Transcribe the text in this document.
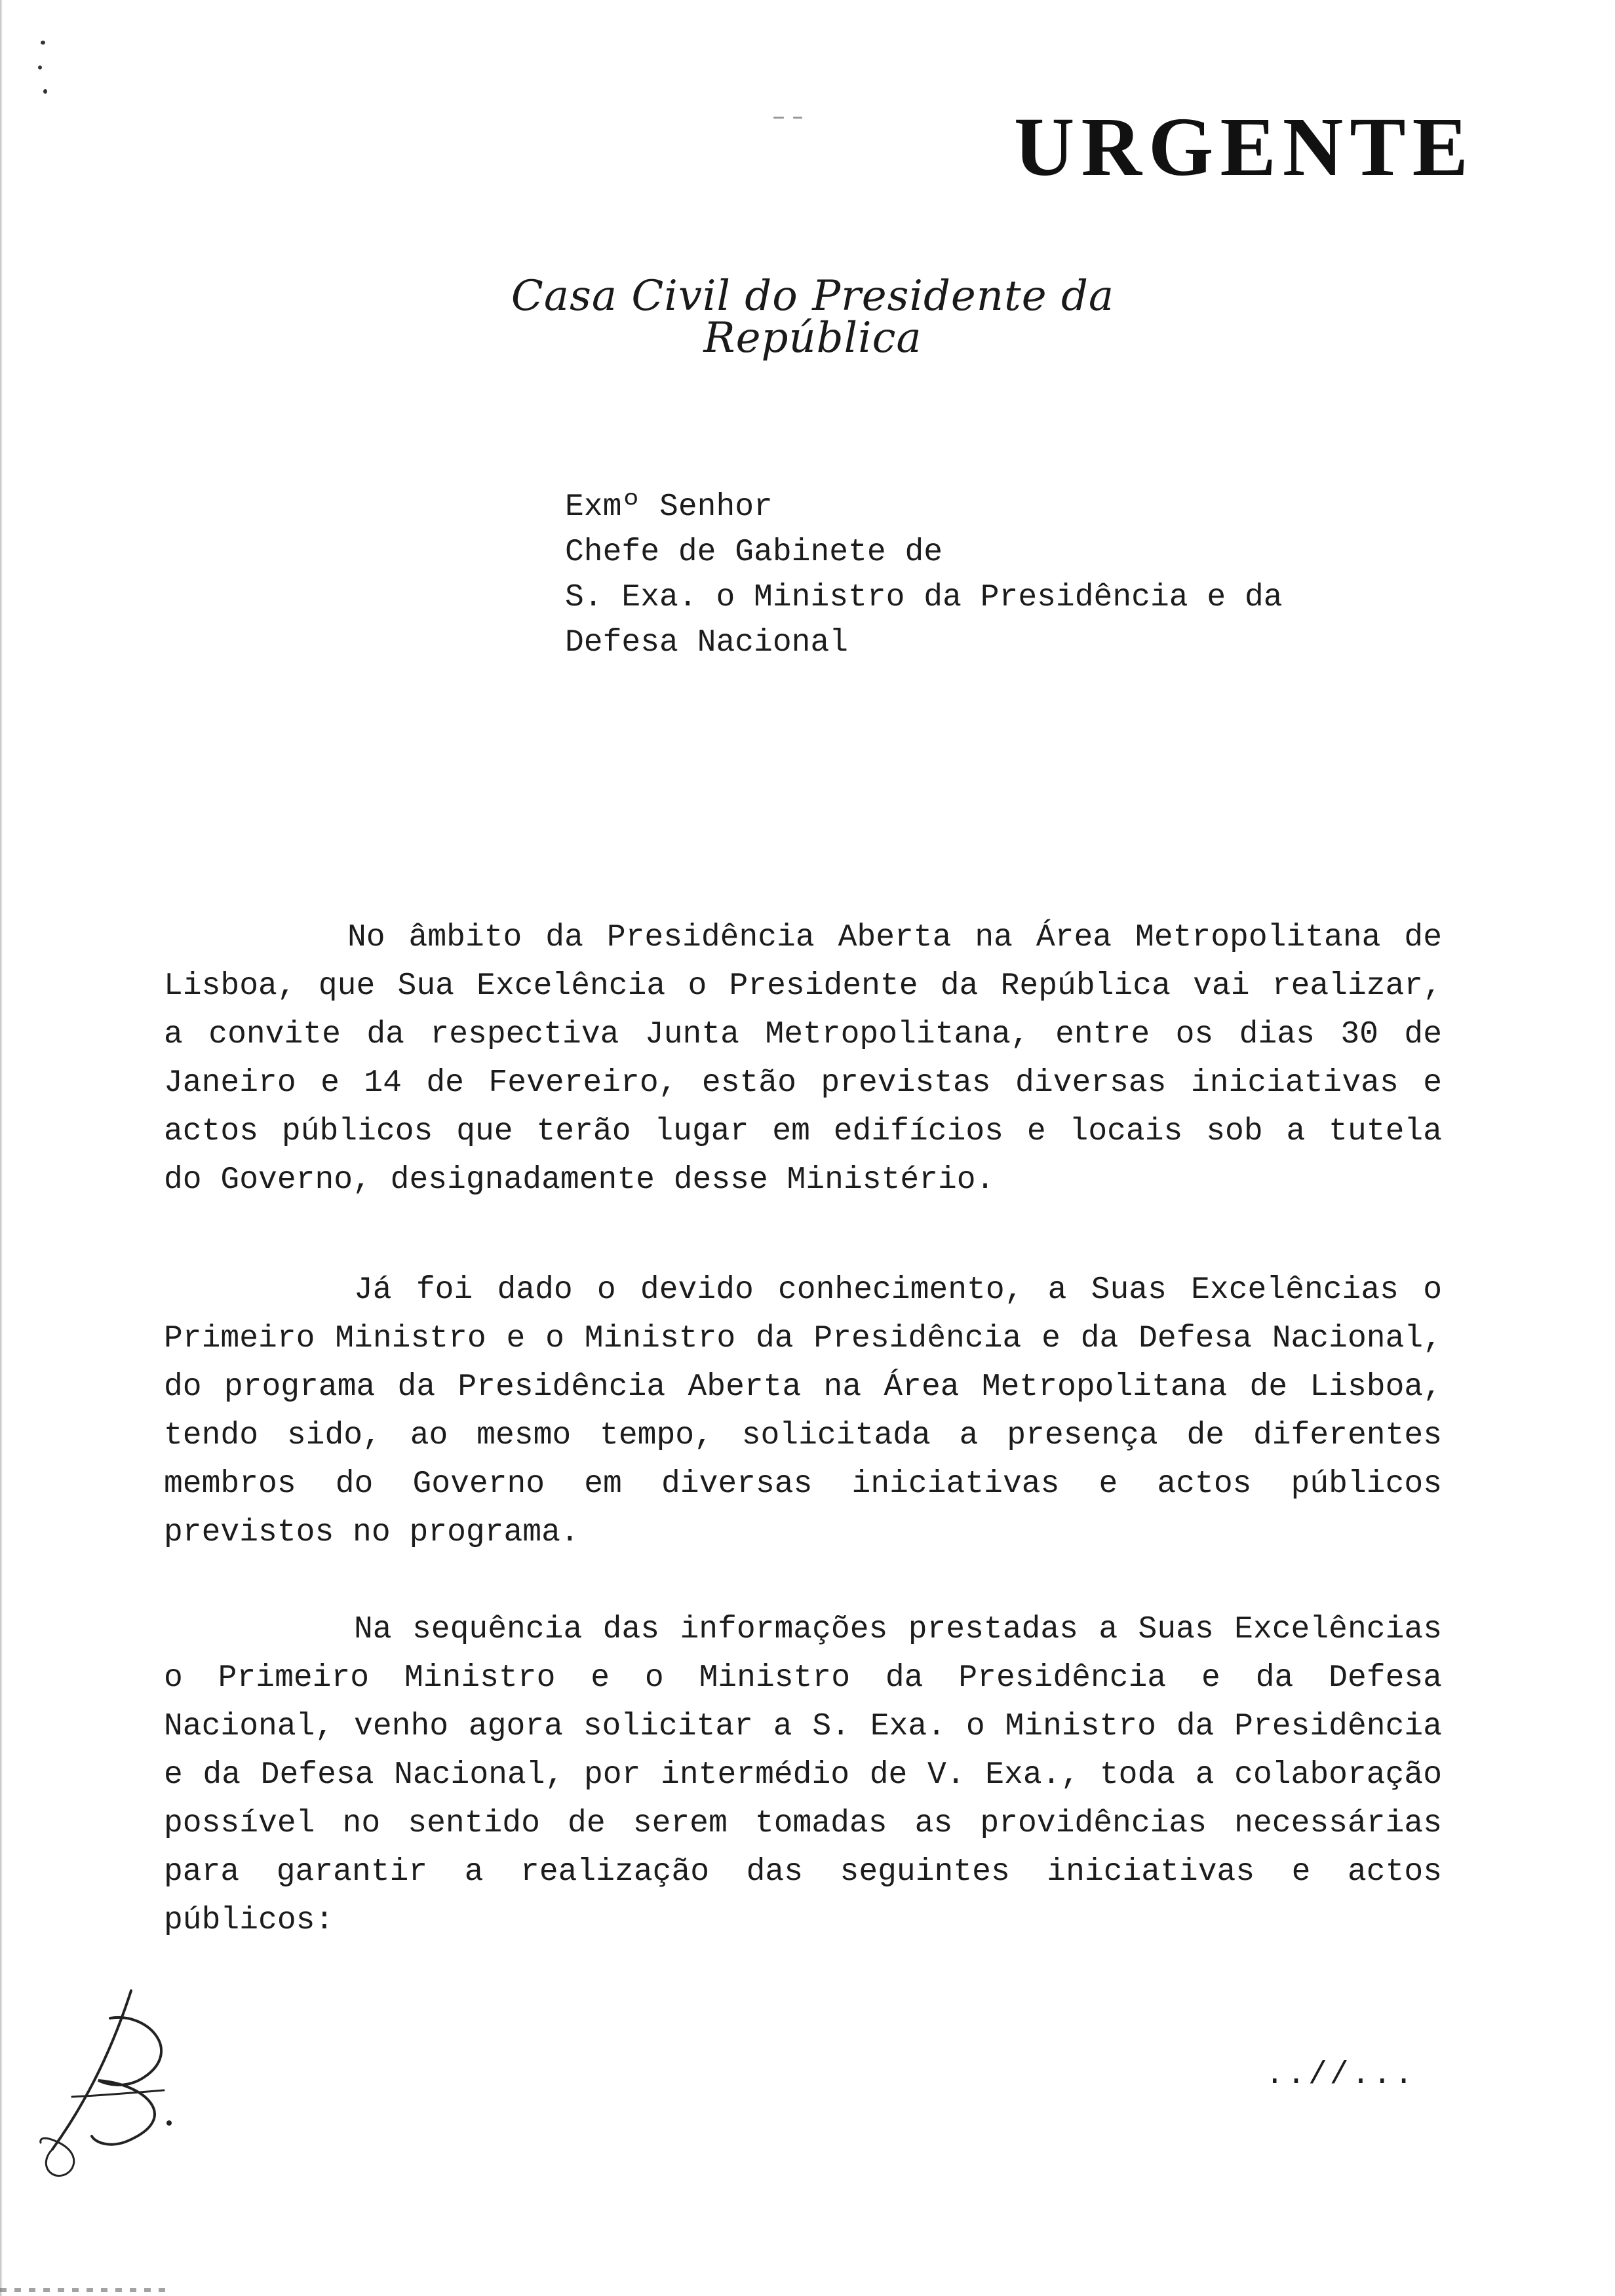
URGENTE
Casa Civil do Presidente da República
Exmº Senhor
Chefe de Gabinete de
S. Exa. o Ministro da Presidência e da
Defesa Nacional

No âmbito da Presidência Aberta na Área Metropolitana de Lisboa, que Sua Excelência o Presidente da República vai realizar, a convite da respectiva Junta Metropolitana, entre os dias 30 de Janeiro e 14 de Fevereiro, estão previstas diversas iniciativas e actos públicos que terão lugar em edifícios e locais sob a tutela do Governo, designadamente desse Ministério.

Já foi dado o devido conhecimento, a Suas Excelências o Primeiro Ministro e o Ministro da Presidência e da Defesa Nacional, do programa da Presidência Aberta na Área Metropolitana de Lisboa, tendo sido, ao mesmo tempo, solicitada a presença de diferentes membros do Governo em diversas iniciativas e actos públicos previstos no programa.

Na sequência das informações prestadas a Suas Excelências o Primeiro Ministro e o Ministro da Presidência e da Defesa Nacional, venho agora solicitar a S. Exa. o Ministro da Presidência e da Defesa Nacional, por intermédio de V. Exa., toda a colaboração possível no sentido de serem tomadas as providências necessárias para garantir a realização das seguintes iniciativas e actos públicos:

..//...
